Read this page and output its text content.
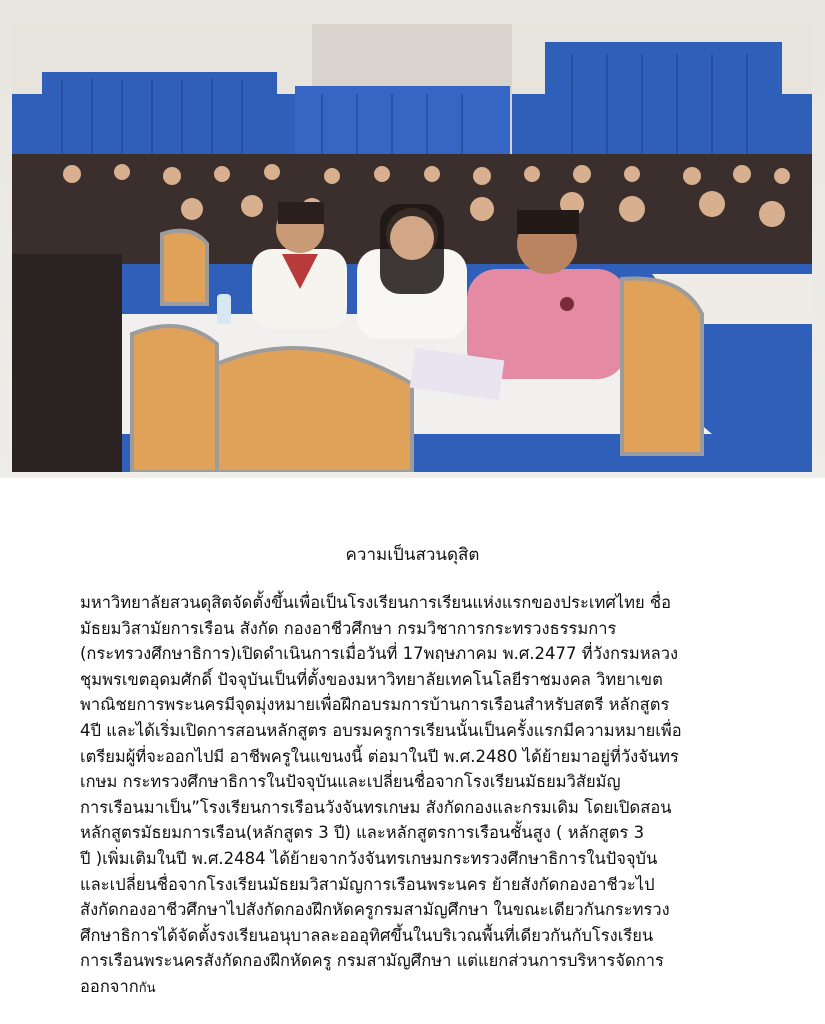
ความเป็นสวนดุสิต
มหาวิทยาลัยสวนดุสิตจัดตั้งขึ้นเพื่อเป็นโรงเรียนการเรียนแห่งแรกของประเทศไทย ชื่อ
มัธยมวิสามัยการเรือน สังกัด กองอาชีวศึกษา กรมวิชาการกระทรวงธรรมการ
(กระทรวงศึกษาธิการ)เปิดดำเนินการเมื่อวันที่ 17พฤษภาคม พ.ศ.2477 ที่วังกรมหลวง
ชุมพรเขตอุดมศักดิ์ ปัจจุบันเป็นที่ตั้งของมหาวิทยาลัยเทคโนโลยีราชมงคล วิทยาเขต
พาณิชยการพระนครมีจุดมุ่งหมายเพื่อฝึกอบรมการบ้านการเรือนสำหรับสตรี หลักสูตร
4ปี และได้เริ่มเปิดการสอนหลักสูตร อบรมครูการเรียนนั้นเป็นครั้งแรกมีความหมายเพื่อ
เตรียมผู้ที่จะออกไปมี อาชีพครูในแขนงนี้ ต่อมาในปี พ.ศ.2480 ได้ย้ายมาอยู่ที่วังจันทร
เกษม กระทรวงศึกษาธิการในปัจจุบันและเปลี่ยนชื่อจากโรงเรียนมัธยมวิสัยมัญ
การเรือนมาเป็น”โรงเรียนการเรือนวังจันทรเกษม สังกัดกองและกรมเดิม โดยเปิดสอน
หลักสูตรมัธยมการเรือน(หลักสูตร 3 ปี) และหลักสูตรการเรือนชั้นสูง ( หลักสูตร 3
ปี )เพิ่มเติมในปี พ.ศ.2484 ได้ย้ายจากวังจันทรเกษมกระทรวงศึกษาธิการในปัจจุบัน
และเปลี่ยนชื่อจากโรงเรียนมัธยมวิสามัญการเรือนพระนคร ย้ายสังกัดกองอาชีวะไป
สังกัดกองอาชีวศึกษาไปสังกัดกองฝึกหัดครูกรมสามัญศึกษา ในขณะเดียวกันกระทรวง
ศึกษาธิการได้จัดตั้งรงเรียนอนุบาลละอออุทิศขึ้นในบริเวณพื้นที่เดียวกันกับโรงเรียน
การเรือนพระนครสังกัดกองฝึกหัดครู กรมสามัญศึกษา แต่แยกส่วนการบริหารจัดการ
ออกจากกัน
